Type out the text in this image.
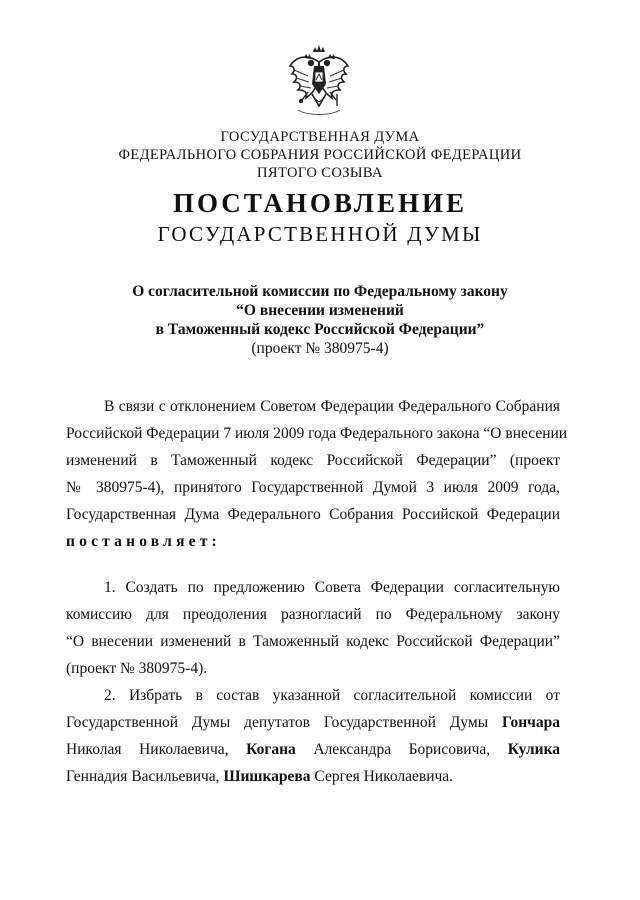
ГОСУДАРСТВЕННАЯ ДУМА
ФЕДЕРАЛЬНОГО СОБРАНИЯ РОССИЙСКОЙ ФЕДЕРАЦИИ
ПЯТОГО СОЗЫВА
ПОСТАНОВЛЕНИЕ
ГОСУДАРСТВЕННОЙ ДУМЫ
О согласительной комиссии по Федеральному закону
“О внесении изменений
в Таможенный кодекс Российской Федерации”
(проект № 380975-4)
В связи с отклонением Советом Федерации Федерального Собрания
Российской Федерации 7 июля 2009 года Федерального закона “О внесении
изменений в Таможенный кодекс Российской Федерации” (проект
№ 380975-4), принятого Государственной Думой 3 июля 2009 года,
Государственная Дума Федерального Собрания Российской Федерации
постановляет:
1. Создать по предложению Совета Федерации согласительную
комиссию для преодоления разногласий по Федеральному закону
“О внесении изменений в Таможенный кодекс Российской Федерации”
(проект № 380975-4).
2. Избрать в состав указанной согласительной комиссии от
Государственной Думы депутатов Государственной Думы Гончара
Николая Николаевича, Когана Александра Борисовича, Кулика
Геннадия Васильевича, Шишкарева Сергея Николаевича.
